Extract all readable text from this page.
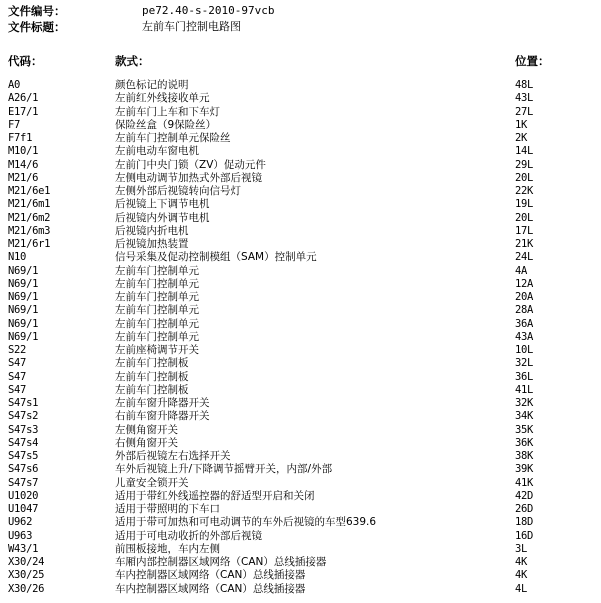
文件编号：	pe72.40-s-2010-97vcb
文件标题：	左前车门控制电路图
代码：	款式：	位置：
A0	颜色标记的说明	48L
A26/1	左前红外线接收单元	43L
E17/1	左前车门上车和下车灯	27L
F7	保险丝盒（9保险丝）	1K
F7f1	左前车门控制单元保险丝	2K
M10/1	左前电动车窗电机	14L
M14/6	左前门中央门锁（ZV）促动元件	29L
M21/6	左侧电动调节加热式外部后视镜	20L
M21/6e1	左侧外部后视镜转向信号灯	22K
M21/6m1	后视镜上下调节电机	19L
M21/6m2	后视镜内外调节电机	20L
M21/6m3	后视镜内折电机	17L
M21/6r1	后视镜加热装置	21K
N10	信号采集及促动控制模组（SAM）控制单元	24L
N69/1	左前车门控制单元	4A
N69/1	左前车门控制单元	12A
N69/1	左前车门控制单元	20A
N69/1	左前车门控制单元	28A
N69/1	左前车门控制单元	36A
N69/1	左前车门控制单元	43A
S22	左前座椅调节开关	10L
S47	左前车门控制板	32L
S47	左前车门控制板	36L
S47	左前车门控制板	41L
S47s1	左前车窗升降器开关	32K
S47s2	右前车窗升降器开关	34K
S47s3	左侧角窗开关	35K
S47s4	右侧角窗开关	36K
S47s5	外部后视镜左右选择开关	38K
S47s6	车外后视镜上升/下降调节摇臂开关，内部/外部	39K
S47s7	儿童安全锁开关	41K
U1020	适用于带红外线遥控器的舒适型开启和关闭	42D
U1047	适用于带照明的下车口	26D
U962	适用于带可加热和可电动调节的车外后视镜的车型639.6	18D
U963	适用于可电动收折的外部后视镜	16D
W43/1	前围板接地，车内左侧	3L
X30/24	车厢内部控制器区域网络（CAN）总线插接器	4K
X30/25	车内控制器区域网络（CAN）总线插接器	4K
X30/26	车内控制器区域网络（CAN）总线插接器	4L
